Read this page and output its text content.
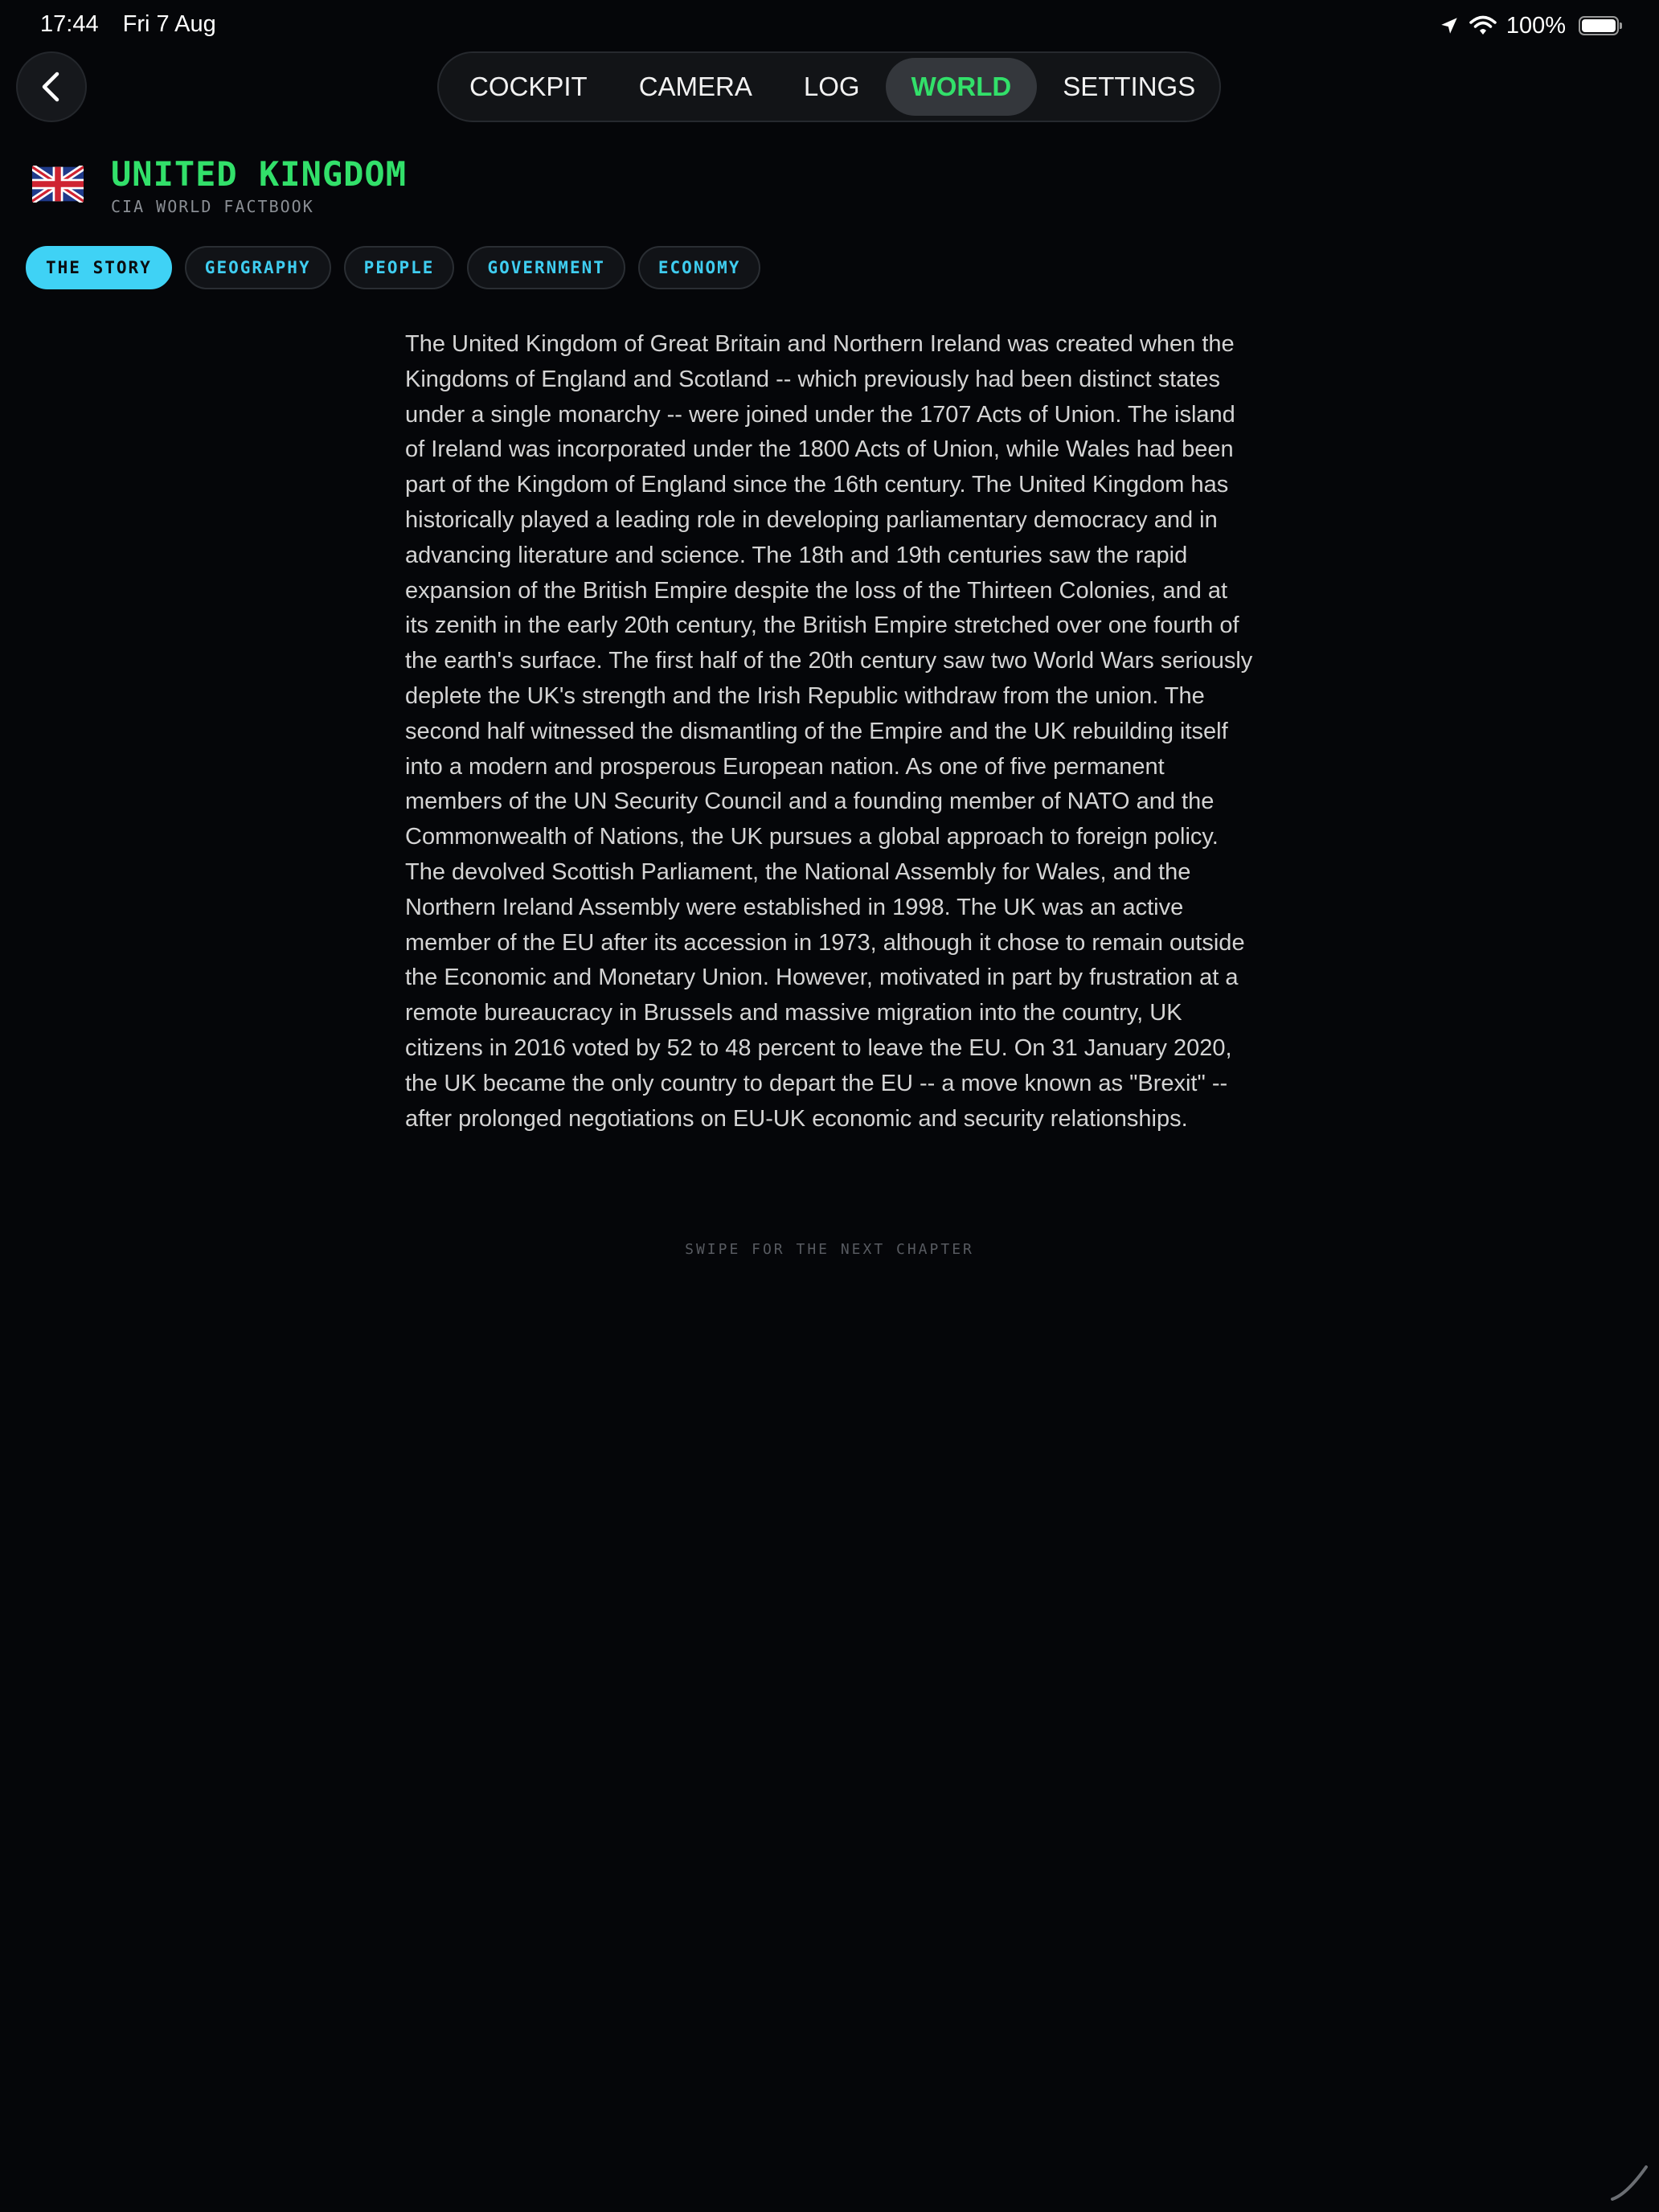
17:44 Fri 7 Aug	100%
COCKPIT	CAMERA	LOG	WORLD	SETTINGS
UNITED KINGDOM
CIA WORLD FACTBOOK
THE STORY	GEOGRAPHY	PEOPLE	GOVERNMENT	ECONOMY

The United Kingdom of Great Britain and Northern Ireland was created when the Kingdoms of England and Scotland -- which previously had been distinct states under a single monarchy -- were joined under the 1707 Acts of Union. The island of Ireland was incorporated under the 1800 Acts of Union, while Wales had been part of the Kingdom of England since the 16th century. The United Kingdom has historically played a leading role in developing parliamentary democracy and in advancing literature and science. The 18th and 19th centuries saw the rapid expansion of the British Empire despite the loss of the Thirteen Colonies, and at its zenith in the early 20th century, the British Empire stretched over one fourth of the earth's surface. The first half of the 20th century saw two World Wars seriously deplete the UK's strength and the Irish Republic withdraw from the union. The second half witnessed the dismantling of the Empire and the UK rebuilding itself into a modern and prosperous European nation. As one of five permanent members of the UN Security Council and a founding member of NATO and the Commonwealth of Nations, the UK pursues a global approach to foreign policy. The devolved Scottish Parliament, the National Assembly for Wales, and the Northern Ireland Assembly were established in 1998. The UK was an active member of the EU after its accession in 1973, although it chose to remain outside the Economic and Monetary Union. However, motivated in part by frustration at a remote bureaucracy in Brussels and massive migration into the country, UK citizens in 2016 voted by 52 to 48 percent to leave the EU. On 31 January 2020, the UK became the only country to depart the EU -- a move known as "Brexit" -- after prolonged negotiations on EU-UK economic and security relationships.

SWIPE FOR THE NEXT CHAPTER
